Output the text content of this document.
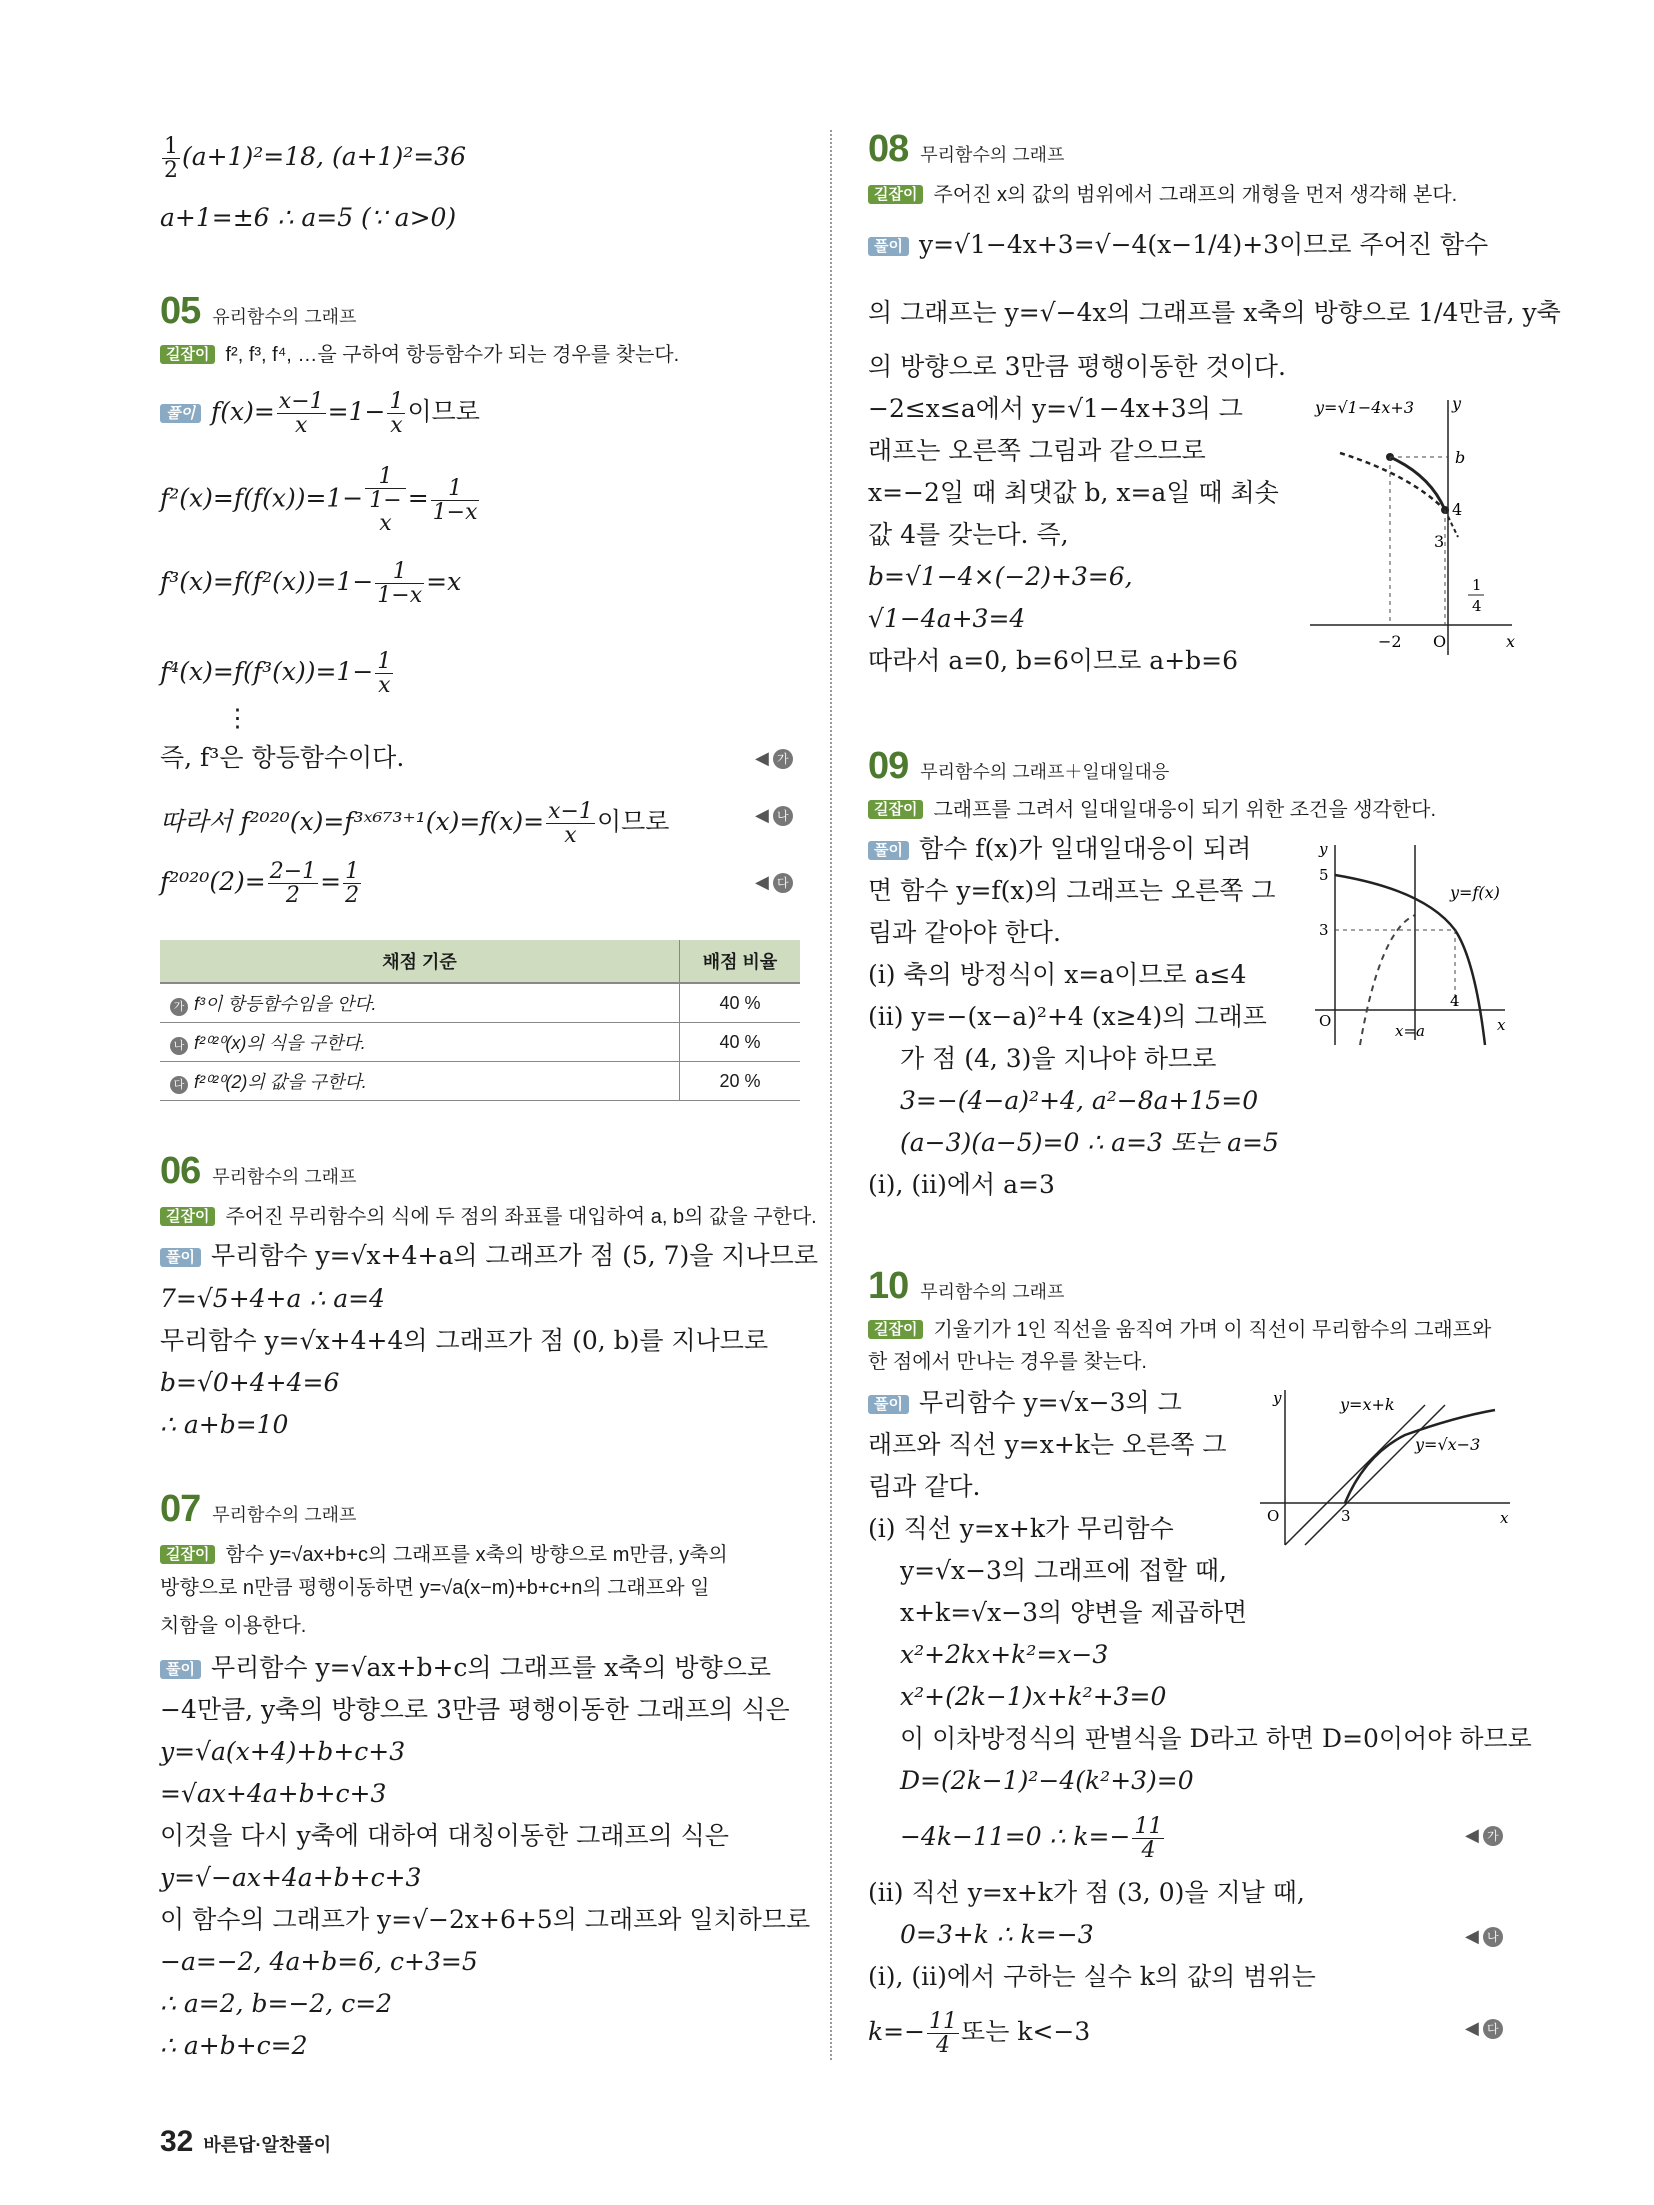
$\frac{1}{2} (a+1)^2=18$, (a+1)²=36
a+1=±6 ∴ a=5 (∵ a>0)
05 유리함수의 그래프
길잡이 f², f³, f⁴, …을 구하여 항등함수가 되는 경우를 찾는다.
풀이 $f(x)= \frac{x-1}{x} =1- \frac{1}{x}$ 이므로
f²(x)=f(f(x))=1− 1
1−
$x = \frac{1}{1-x}$
$f^3(x)=f(f^2(x))=1- \frac{1}{1-x} =x$
$f^4(x)=f(f^3(x))=1- \frac{1}{x}$
⋮
즉, f³은 항등함수이다.
따라서 f²⁰²⁰(x)=f³ˣ⁶⁷³⁺¹(x)=f(x)= $\frac{x-1}{x}$ 이므로
$f^{2020}(2)= \frac{2-1}{2} = \frac{1}{2}$
◀ 가
◀ 나
◀ 다
채점 기준	배점 비율
가 f³이 항등함수임을 안다.	40 %
나 f²⁰²⁰(x)의 식을 구한다.	40 %
다 f²⁰²⁰(2)의 값을 구한다.	20 %
06 무리함수의 그래프
길잡이 주어진 무리함수의 식에 두 점의 좌표를 대입하여 a, b의 값을 구한다.
풀이 무리함수 y=√x+4+a의 그래프가 점 (5, 7)을 지나므로
7=√5+4+a ∴ a=4
무리함수 y=√x+4+4의 그래프가 점 (0, b)를 지나므로
b=√0+4+4=6
∴ a+b=10
07 무리함수의 그래프
길잡이 함수 y=√ax+b+c의 그래프를 x축의 방향으로 m만큼, y축의
방향으로 n만큼 평행이동하면 y=√a(x−m)+b+c+n의 그래프와 일
치함을 이용한다.
풀이 무리함수 y=√ax+b+c의 그래프를 x축의 방향으로
−4만큼, y축의 방향으로 3만큼 평행이동한 그래프의 식은
y=√a(x+4)+b+c+3
=√ax+4a+b+c+3
이것을 다시 y축에 대하여 대칭이동한 그래프의 식은
y=√−ax+4a+b+c+3
이 함수의 그래프가 y=√−2x+6+5의 그래프와 일치하므로
−a=−2, 4a+b=6, c+3=5
∴ a=2, b=−2, c=2
∴ a+b+c=2
08 무리함수의 그래프
길잡이 주어진 x의 값의 범위에서 그래프의 개형을 먼저 생각해 본다.
풀이 y=√1−4x+3=√−4(x−1/4)+3이므로 주어진 함수
의 그래프는 y=√−4x의 그래프를 x축의 방향으로 1/4만큼, y축
의 방향으로 3만큼 평행이동한 것이다.
−2≤x≤a에서 y=√1−4x+3의 그
래프는 오른쪽 그림과 같으므로
x=−2일 때 최댓값 b, x=a일 때 최솟
값 4를 갖는다. 즉,
b=√1−4×(−2)+3=6,
√1−4a+3=4
따라서 a=0, b=6이므로 a+b=6
y=√1−4x+3 y
x
b
4
3
1
4
−2 O
09 무리함수의 그래프＋일대일대응
길잡이 그래프를 그려서 일대일대응이 되기 위한 조건을 생각한다.
풀이 함수 f(x)가 일대일대응이 되려
면 함수 y=f(x)의 그래프는 오른쪽 그
림과 같아야 한다.
(ⅰ) 축의 방정식이 x=a이므로 a≤4
(ⅱ) y=−(x−a)²+4 (x≥4)의 그래프
가 점 (4, 3)을 지나야 하므로
3=−(4−a)²+4, a²−8a+15=0
(a−3)(a−5)=0 ∴ a=3 또는 a=5
(ⅰ), (ⅱ)에서 a=3
y
x
5
3
4
y=f(x)
x=a
O
10 무리함수의 그래프
길잡이 기울기가 1인 직선을 움직여 가며 이 직선이 무리함수의 그래프와
한 점에서 만나는 경우를 찾는다.
풀이 무리함수 y=√x−3의 그
래프와 직선 y=x+k는 오른쪽 그
림과 같다.
(ⅰ) 직선 y=x+k가 무리함수
y=√x−3의 그래프에 접할 때,
x+k=√x−3의 양변을 제곱하면
x²+2kx+k²=x−3
x²+(2k−1)x+k²+3=0
이 이차방정식의 판별식을 D라고 하면 D=0이어야 하므로
D=(2k−1)²−4(k²+3)=0
−4k−11=0 ∴ $k=- \frac{11}{4}$
(ⅱ) 직선 y=x+k가 점 (3, 0)을 지날 때,
0=3+k ∴ k=−3
(ⅰ), (ⅱ)에서 구하는 실수 k의 값의 범위는
$k=- \frac{11}{4}$ 또는 k<−3
◀ 가
◀ 나
◀ 다
y
x
3
O
y=x+k
y=√x−3
32 바른답·알찬풀이
